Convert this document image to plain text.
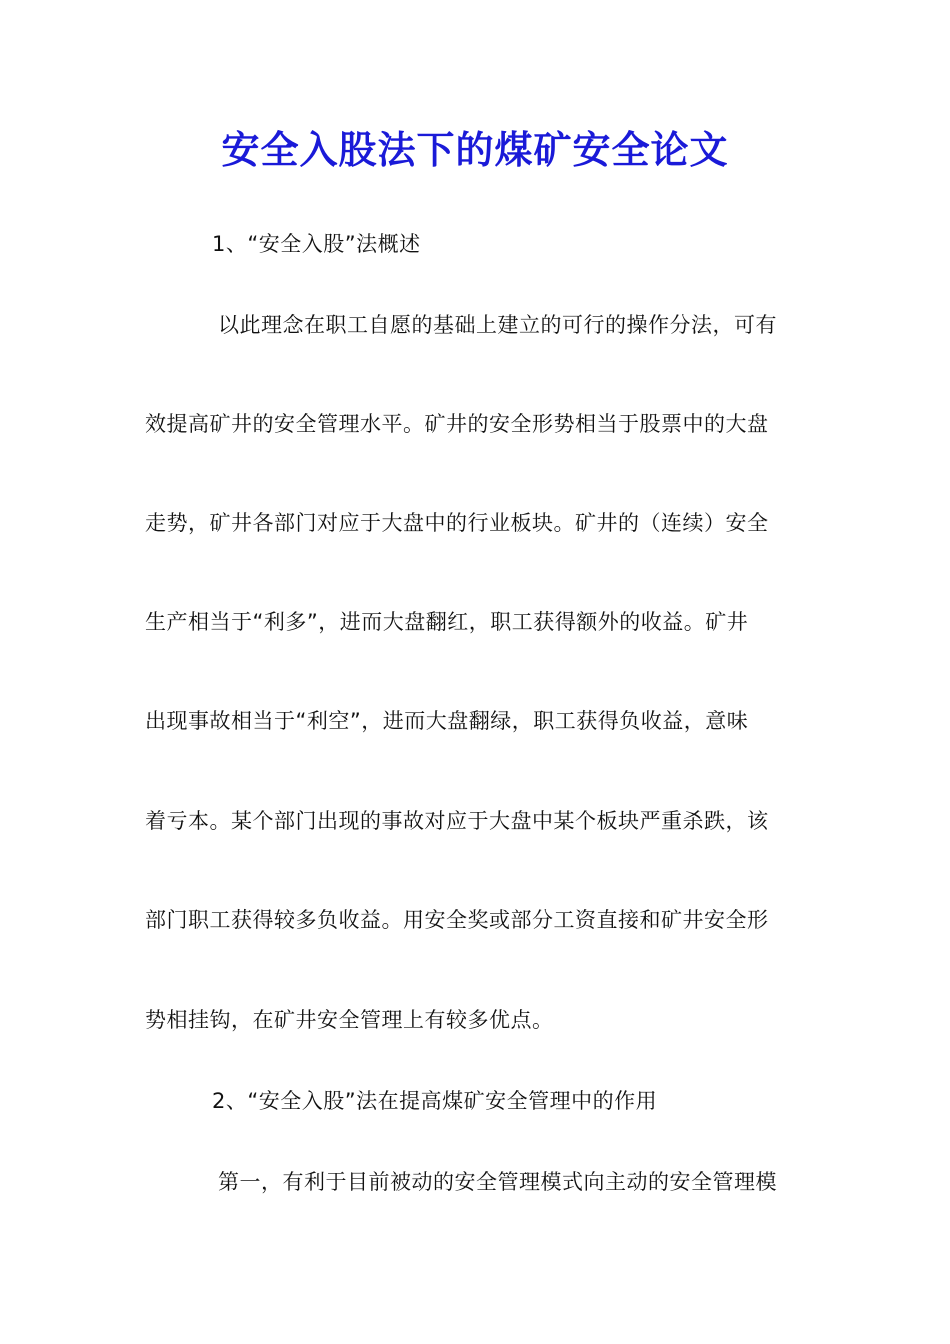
安全入股法下的煤矿安全论文
1、“安全入股”法概述
以此理念在职工自愿的基础上建立的可行的操作分法，可有
效提高矿井的安全管理水平。矿井的安全形势相当于股票中的大盘
走势，矿井各部门对应于大盘中的行业板块。矿井的（连续）安全
生产相当于“利多”，进而大盘翻红，职工获得额外的收益。矿井
出现事故相当于“利空”，进而大盘翻绿，职工获得负收益，意味
着亏本。某个部门出现的事故对应于大盘中某个板块严重杀跌，该
部门职工获得较多负收益。用安全奖或部分工资直接和矿井安全形
势相挂钩，在矿井安全管理上有较多优点。
2、“安全入股”法在提高煤矿安全管理中的作用
第一，有利于目前被动的安全管理模式向主动的安全管理模
